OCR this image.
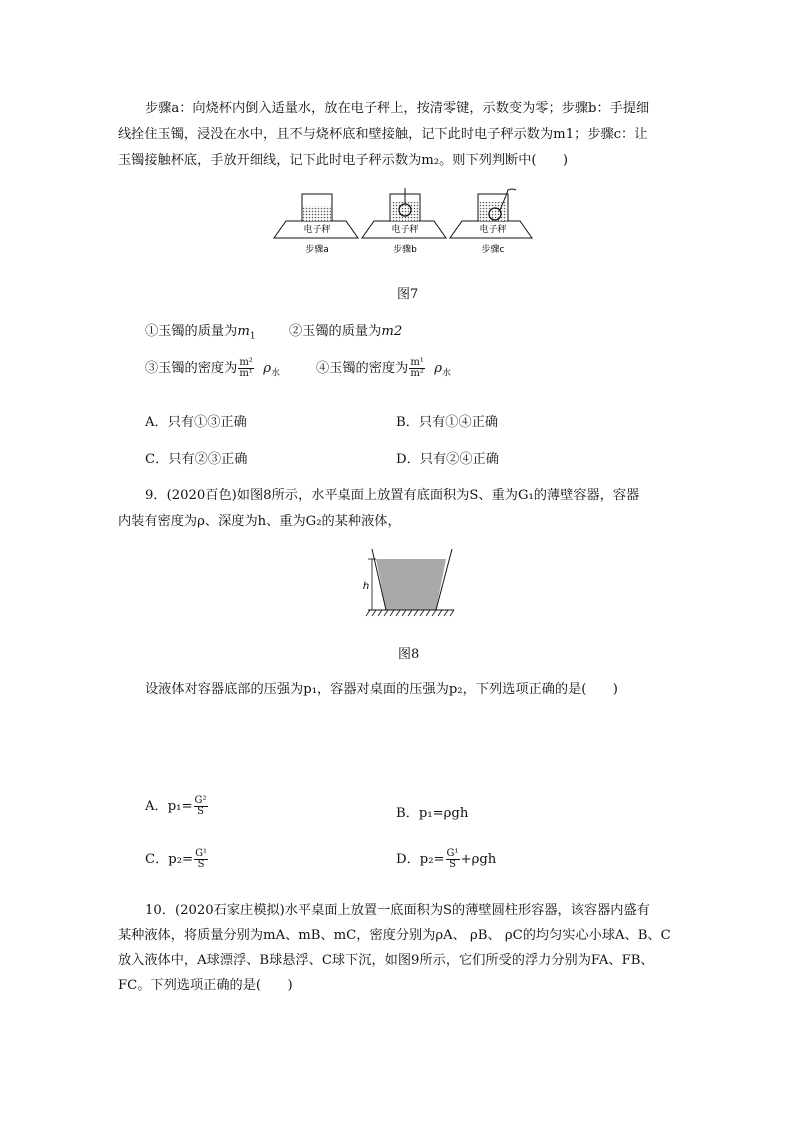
步骤a：向烧杯内倒入适量水，放在电子秤上，按清零键，示数变为零；步骤b：手提细
线拴住玉镯，浸没在水中，且不与烧杯底和壁接触，记下此时电子秤示数为m1；步骤c：让
玉镯接触杯底，手放开细线，记下此时电子秤示数为m₂。则下列判断中(　　)
电子秤
步骤a
电子秤
步骤b
电子秤
步骤c
图7
①玉镯的质量为$m_1$	②玉镯的质量为m2
③玉镯的密度为 $\frac{\text{m²}}{\text{m¹}} \rho_水$	④玉镯的密度为 $\frac{\text{m¹}}{\text{m²}} \rho_水$
A．只有①③正确	B．只有①④正确
C．只有②③正确	D．只有②④正确
9．(2020百色)如图8所示，水平桌面上放置有底面积为S、重为G₁的薄壁容器，容器
内装有密度为ρ、深度为h、重为G₂的某种液体，
h
图8
设液体对容器底部的压强为p₁，容器对桌面的压强为p₂，下列选项正确的是(　　)
A．$p_1= \frac{\text{G²}}{S}$	B．p₁=ρgh
C．$p_2= \frac{\text{G¹}}{S}$	D．$p_2= \frac{\text{G¹}}{S} +\rho gh$
10．(2020石家庄模拟)水平桌面上放置一底面积为S的薄壁圆柱形容器，该容器内盛有
某种液体，将质量分别为mA、mB、mC，密度分别为ρA、 ρB、 ρC的均匀实心小球A、B、C
放入液体中，A球漂浮、B球悬浮、C球下沉，如图9所示，它们所受的浮力分别为FA、FB、
FC。下列选项正确的是(　　)
